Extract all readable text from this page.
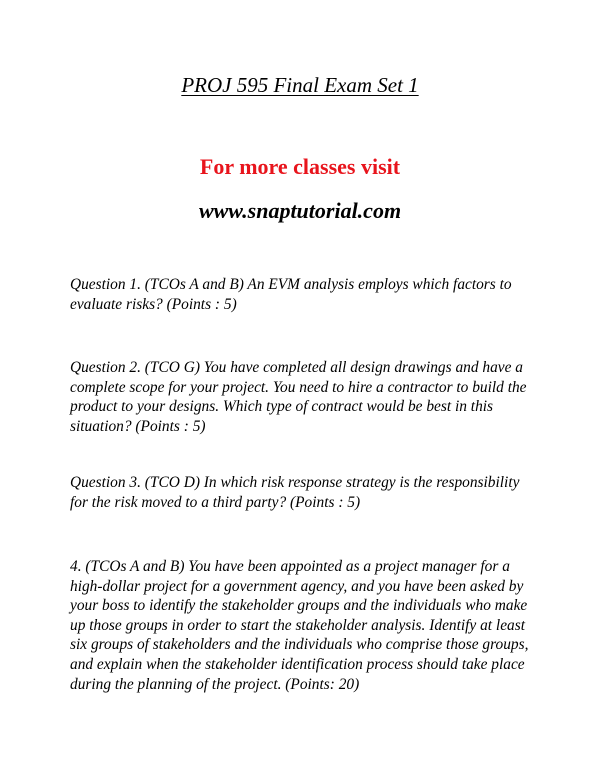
PROJ 595 Final Exam Set 1
For more classes visit
www.snaptutorial.com

Question 1. (TCOs A and B) An EVM analysis employs which factors to evaluate risks? (Points : 5)

Question 2. (TCO G) You have completed all design drawings and have a complete scope for your project. You need to hire a contractor to build the product to your designs. Which type of contract would be best in this situation? (Points : 5)

Question 3. (TCO D) In which risk response strategy is the responsibility for the risk moved to a third party? (Points : 5)

4. (TCOs A and B) You have been appointed as a project manager for a high-dollar project for a government agency, and you have been asked by your boss to identify the stakeholder groups and the individuals who make up those groups in order to start the stakeholder analysis. Identify at least six groups of stakeholders and the individuals who comprise those groups, and explain when the stakeholder identification process should take place during the planning of the project. (Points: 20)
